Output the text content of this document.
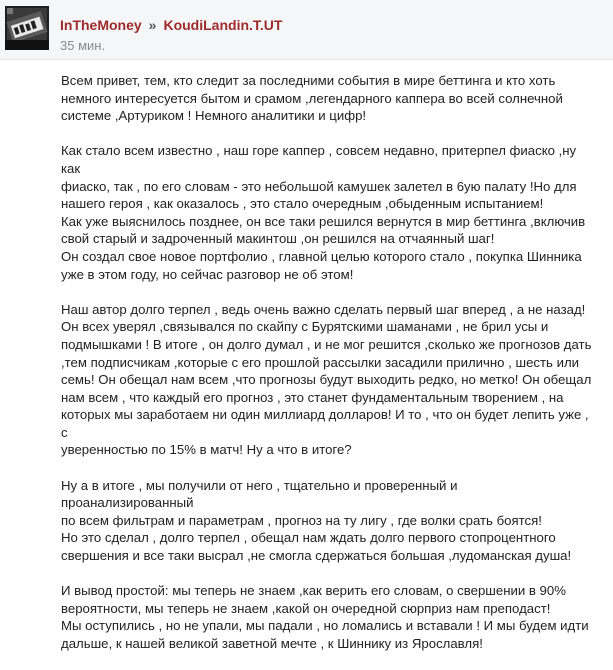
InTheMoney » KoudiLandin.T.UT
35 мин.

Всем привет, тем, кто следит за последними события в мире беттинга и кто хоть
немного интересуется бытом и срамом ,легендарного каппера во всей солнечной
системе ,Артуриком ! Немного аналитики и цифр!

Как стало всем известно , наш горе каппер , совсем недавно, притерпел фиаско ,ну как
фиаско, так , по его словам - это небольшой камушек залетел в 6ую палату !Но для
нашего героя , как оказалось , это стало очередным ,обыденным испытанием!
Как уже выяснилось позднее, он все таки решился вернутся в мир беттинга ,включив
свой старый и задроченный макинтош ,он решился на отчаянный шаг!
Он создал свое новое портфолио , главной целью которого стало , покупка Шинника
уже в этом году, но сейчас разговор не об этом!

Наш автор долго терпел , ведь очень важно сделать первый шаг вперед , а не назад!
Он всех уверял ,связывался по скайпу с Бурятскими шаманами , не брил усы и
подмышками ! В итоге , он долго думал , и не мог решится ,сколько же прогнозов дать
,тем подписчикам ,которые с его прошлой рассылки засадили прилично , шесть или
семь! Он обещал нам всем ,что прогнозы будут выходить редко, но метко! Он обещал
нам всем , что каждый его прогноз , это станет фундаментальным творением , на
которых мы заработаем ни один миллиард долларов! И то , что он будет лепить уже , с
уверенностью по 15% в матч! Ну а что в итоге?

Ну а в итоге , мы получили от него , тщательно и проверенный и проанализированный
по всем фильтрам и параметрам , прогноз на ту лигу , где волки срать боятся!
Но это сделал , долго терпел , обещал нам ждать долго первого стопроцентного
свершения и все таки высрал ,не смогла сдержаться большая ,лудоманская душа!

И вывод простой: мы теперь не знаем ,как верить его словам, о свершении в 90%
вероятности, мы теперь не знаем ,какой он очередной сюрприз нам преподаст!
Мы оступились , но не упали, мы падали , но ломались и вставали ! И мы будем идти
дальше, к нашей великой заветной мечте , к Шиннику из Ярославля!
